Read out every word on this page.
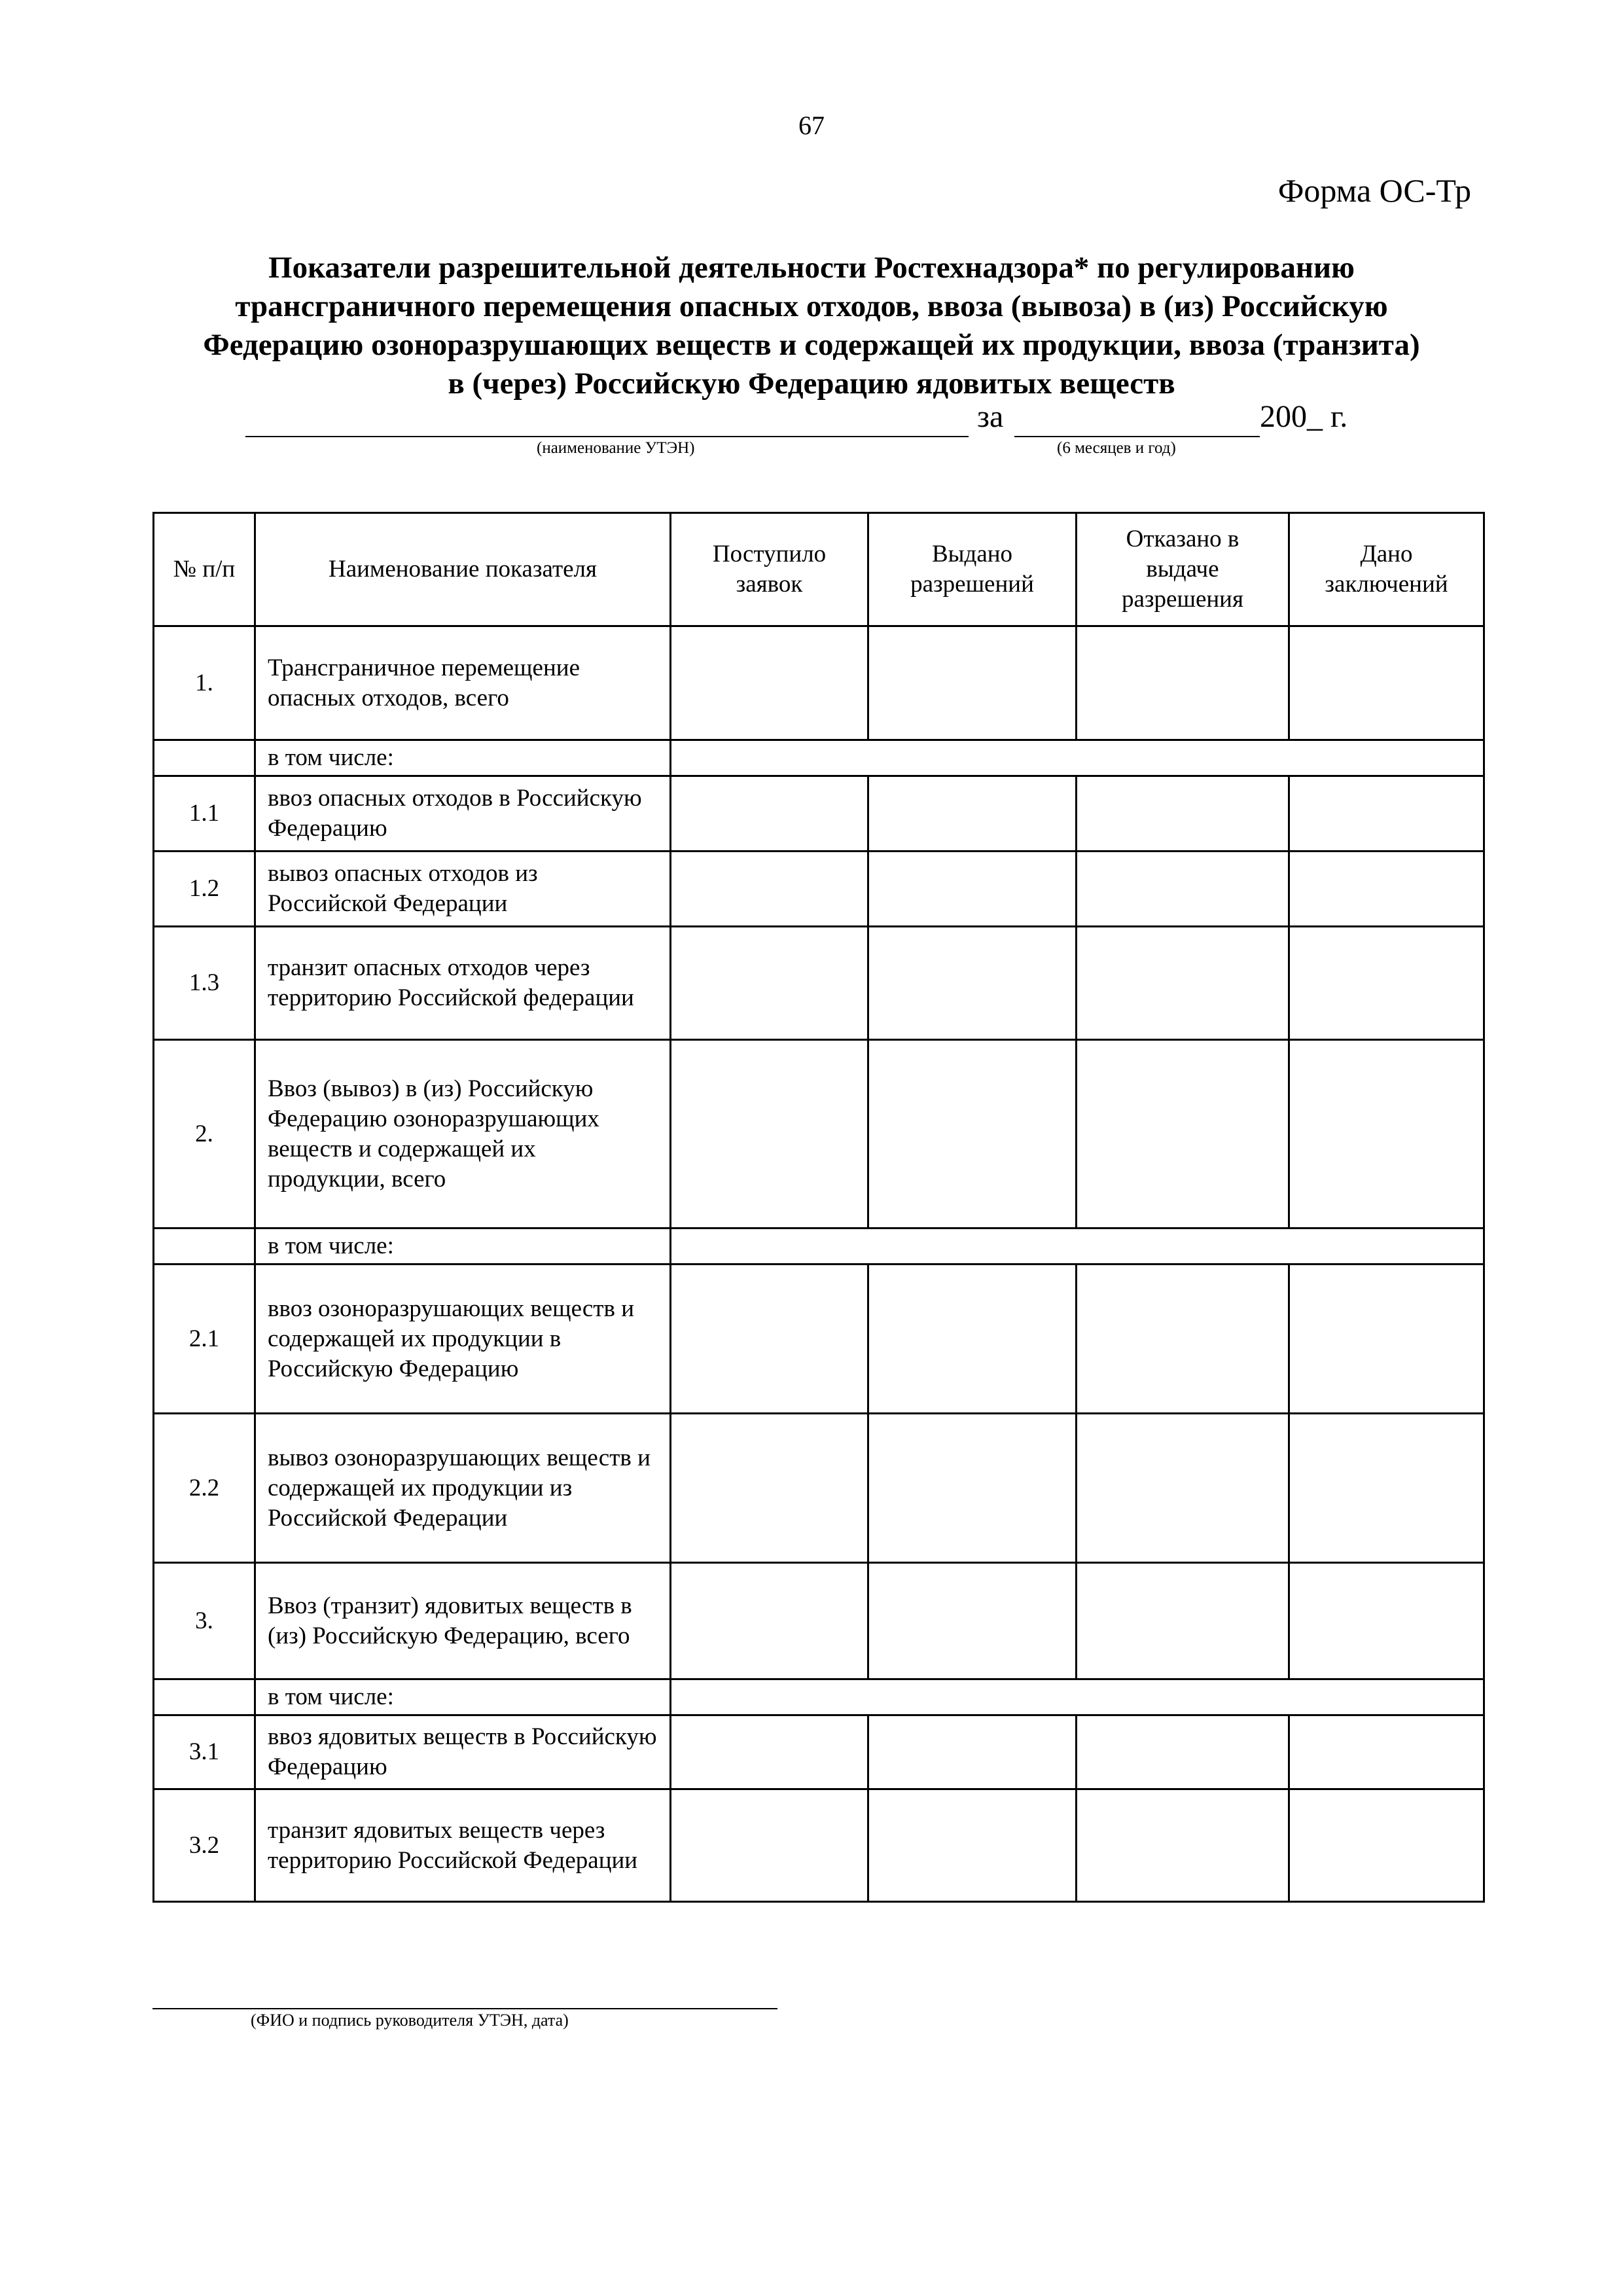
67
Форма ОС-Тр
Показатели разрешительной деятельности Ростехнадзора* по регулированию
трансграничного перемещения опасных отходов, ввоза (вывоза) в (из) Российскую
Федерацию озоноразрушающих веществ и содержащей их продукции, ввоза (транзита)
в (через) Российскую Федерацию ядовитых веществ
(наименование УТЭН)
за
(6 месяцев и год)
200_ г.
№ п/п	Наименование показателя	Поступило заявок	Выдано разрешений	Отказано в выдаче разрешения	Дано заключений
1.	Трансграничное перемещение опасных отходов, всего				
	в том числе:				
1.1	ввоз опасных отходов в Российскую Федерацию				
1.2	вывоз опасных отходов из Российской Федерации				
1.3	транзит опасных отходов через территорию Российской федерации				
2.	Ввоз (вывоз) в (из) Российскую Федерацию озоноразрушающих веществ и содержащей их продукции, всего				
	в том числе:				
2.1	ввоз озоноразрушающих веществ и содержащей их продукции в Российскую Федерацию				
2.2	вывоз озоноразрушающих веществ и содержащей их продукции из Российской Федерации				
3.	Ввоз (транзит) ядовитых веществ в (из) Российскую Федерацию, всего				
	в том числе:				
3.1	ввоз ядовитых веществ в Российскую Федерацию				
3.2	транзит ядовитых веществ через территорию Российской Федерации				
(ФИО и подпись руководителя УТЭН, дата)
